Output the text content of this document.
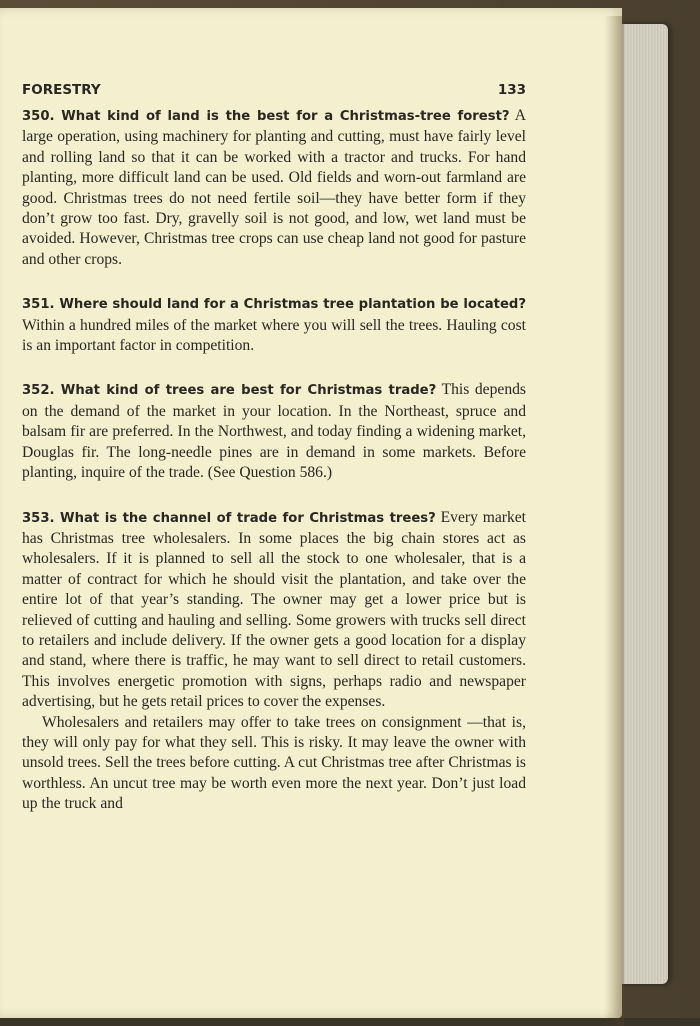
FORESTRY	133

350. What kind of land is the best for a Christmas-tree forest? A large operation, using machinery for planting and cutting, must have fairly level and rolling land so that it can be worked with a tractor and trucks. For hand planting, more difficult land can be used. Old fields and worn-out farmland are good. Christmas trees do not need fertile soil—they have better form if they don’t grow too fast. Dry, gravelly soil is not good, and low, wet land must be avoided. However, Christmas tree crops can use cheap land not good for pasture and other crops.

351. Where should land for a Christmas tree plantation be located? Within a hundred miles of the market where you will sell the trees. Hauling cost is an important factor in competition.

352. What kind of trees are best for Christmas trade? This depends on the demand of the market in your location. In the Northeast, spruce and balsam fir are preferred. In the Northwest, and today finding a widening market, Douglas fir. The long-needle pines are in demand in some markets. Before planting, inquire of the trade. (See Question 586.)

353. What is the channel of trade for Christmas trees? Every market has Christmas tree wholesalers. In some places the big chain stores act as wholesalers. If it is planned to sell all the stock to one wholesaler, that is a matter of contract for which he should visit the plantation, and take over the entire lot of that year’s standing. The owner may get a lower price but is relieved of cutting and hauling and selling. Some growers with trucks sell direct to retailers and include delivery. If the owner gets a good location for a display and stand, where there is traffic, he may want to sell direct to retail customers. This involves energetic promotion with signs, perhaps radio and newspaper advertising, but he gets retail prices to cover the expenses.

Wholesalers and retailers may offer to take trees on consignment —that is, they will only pay for what they sell. This is risky. It may leave the owner with unsold trees. Sell the trees before cutting. A cut Christmas tree after Christmas is worthless. An uncut tree may be worth even more the next year. Don’t just load up the truck and
